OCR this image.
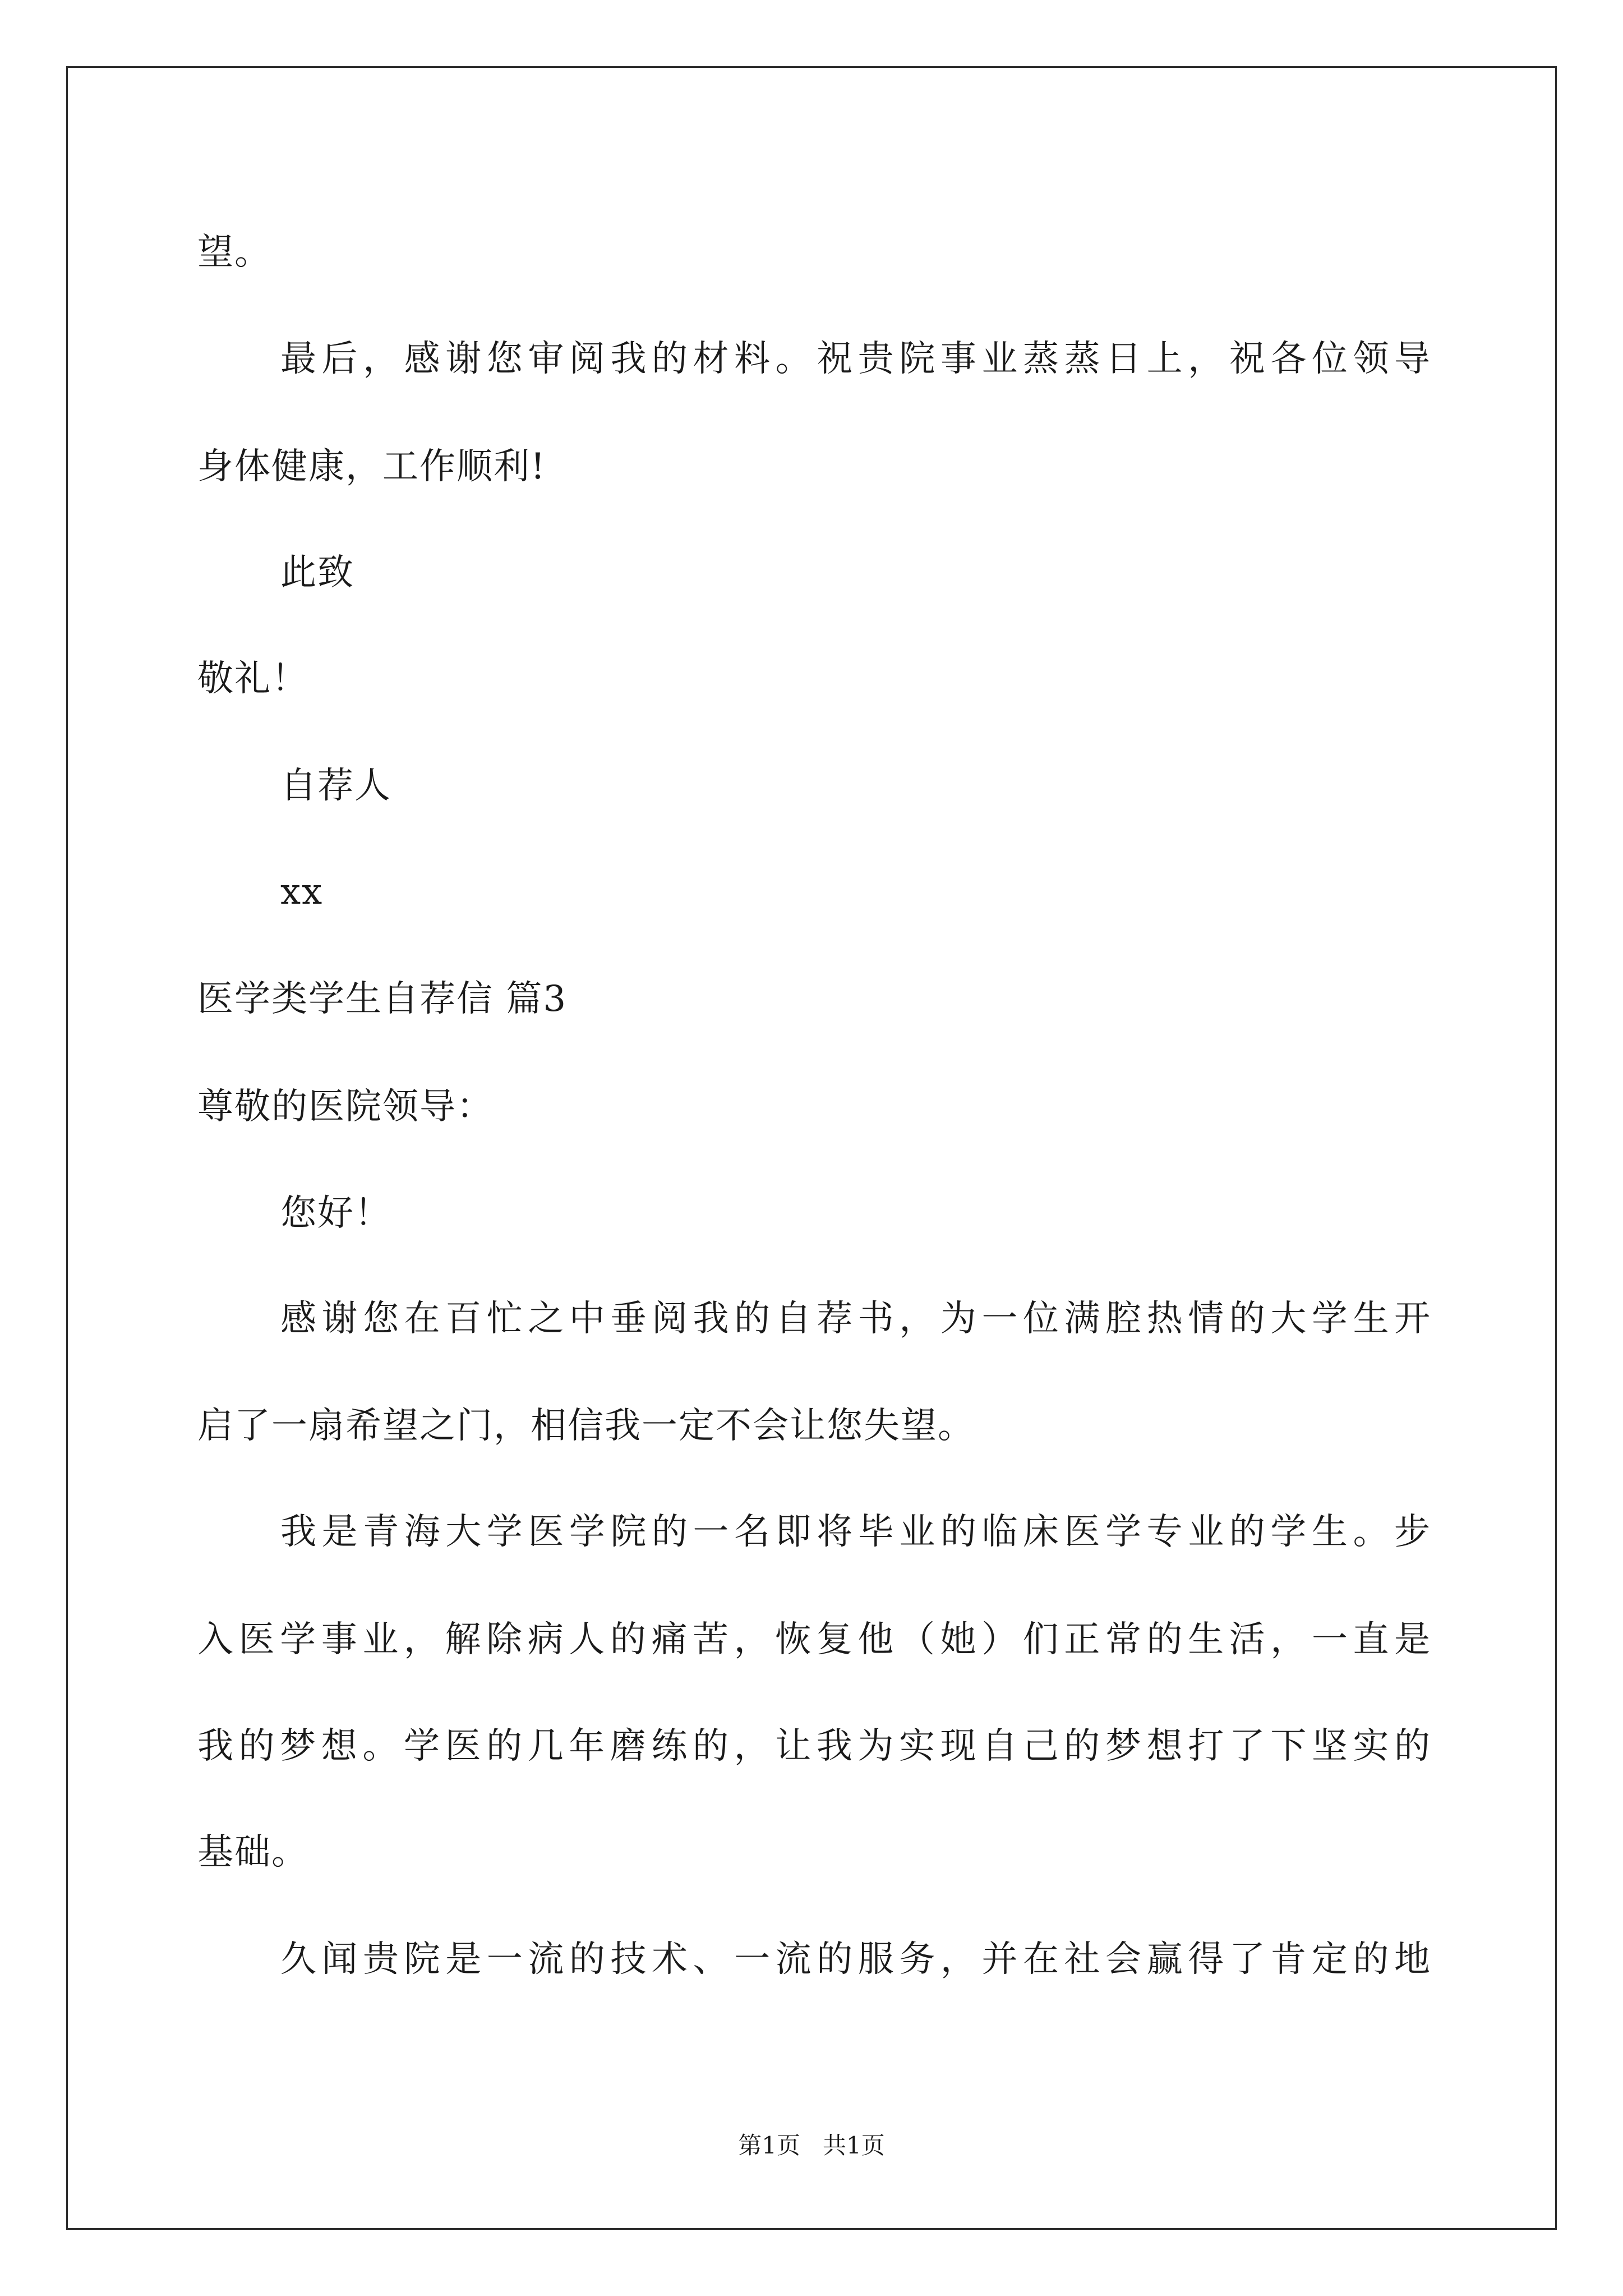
望。
最后，感谢您审阅我的材料。祝贵院事业蒸蒸日上，祝各位领导
身体健康，工作顺利!
此致
敬礼！
自荐人
xx
医学类学生自荐信 篇3
尊敬的医院领导：
您好！
感谢您在百忙之中垂阅我的自荐书，为一位满腔热情的大学生开
启了一扇希望之门，相信我一定不会让您失望。
我是青海大学医学院的一名即将毕业的临床医学专业的学生。步
入医学事业，解除病人的痛苦，恢复他（她）们正常的生活，一直是
我的梦想。学医的几年磨练的，让我为实现自己的梦想打了下坚实的
基础。
久闻贵院是一流的技术、一流的服务，并在社会赢得了肯定的地
第1页   共1页
